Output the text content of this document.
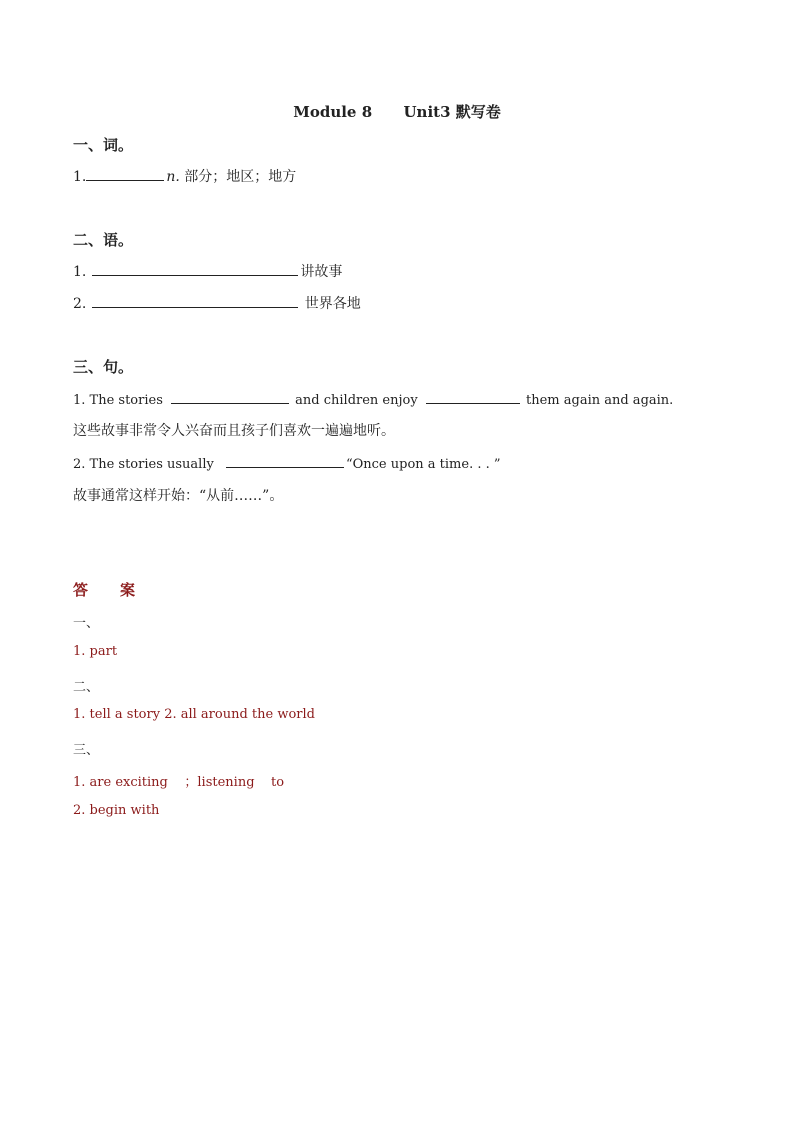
Module 8      Unit3 默写卷
一、词。
1.	n. 部分；地区；地方
二、语。
1.	讲故事
2.	世界各地
三、句。
1. The stories	and children enjoy	them again and again.
这些故事非常令人兴奋而且孩子们喜欢一遍遍地听。
2. The stories usually	“Once upon a time. . . ”
故事通常这样开始：“从前……”。
答案
一、
1. part
二、
1. tell a story 2. all around the world
三、
1. are exciting    ；listening    to
2. begin with
